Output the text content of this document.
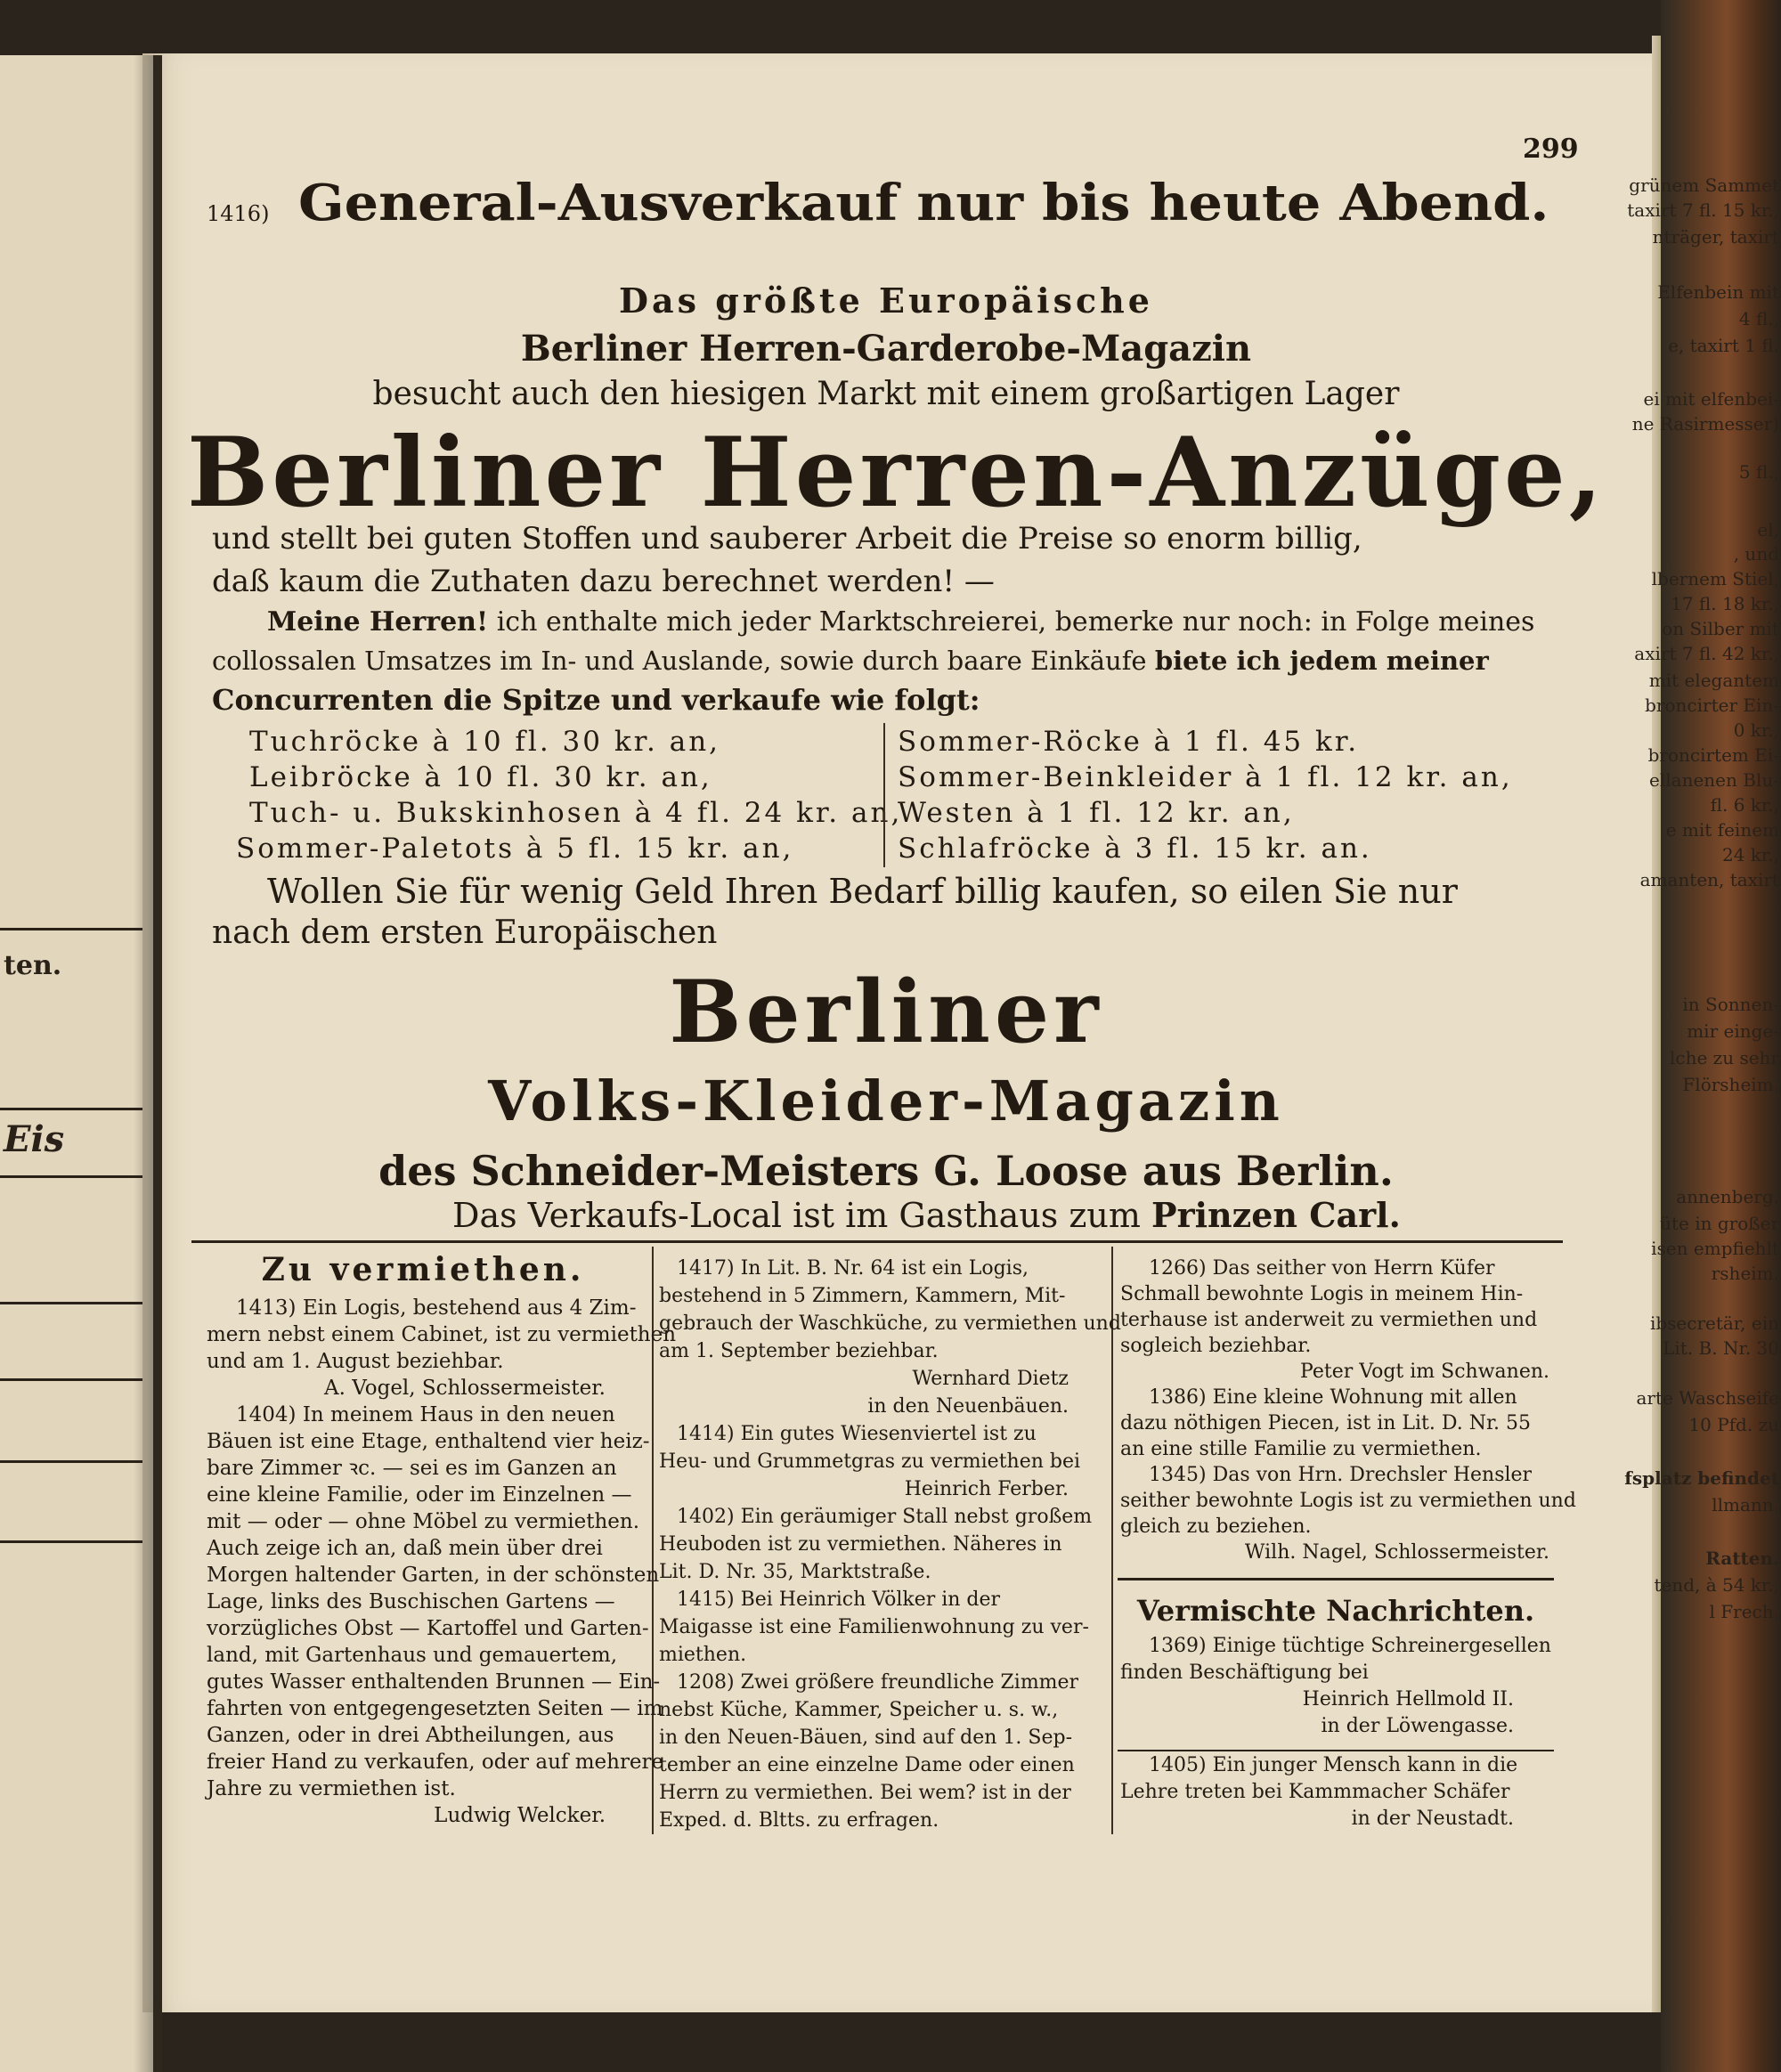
grünem Sammet
taxirt 7 fl. 15 kr.,
nträger, taxirt
Elfenbein mit
4 fl.,
e, taxirt 1 fl.
ei mit elfenbei-
ne Rasirmesser)
5 fl.,
el,
, und
lbernem Stiel,
17 fl. 18 kr.,
on Silber mit
axirt 7 fl. 42 kr.,
mit elegantem
broncirter Ein-
0 kr.,
broncirtem Ei-
ellanenen Blu-
fl. 6 kr.,
e mit feinem
24 kr.,
amanten, taxirt
ten.
in Sonnen-
mir einge-
lche zu sehr
Flörsheim.
Eis
annenberg.
üte in großer
isen empfiehlt
rsheim.
ibsecretär, ein
Lit. B. Nr. 30
arte Waschseife
10 Pfd. zu
fsplatz befindet
llmann.
Ratten.
tend, à 54 kr.,
l Frech.
299
1416) General-Ausverkauf nur bis heute Abend.
Das größte Europäische
Berliner Herren-Garderobe-Magazin
besucht auch den hiesigen Markt mit einem großartigen Lager
Berliner Herren-Anzüge,
und stellt bei guten Stoffen und sauberer Arbeit die Preise so enorm billig,
daß kaum die Zuthaten dazu berechnet werden! —
Meine Herren! ich enthalte mich jeder Marktschreierei, bemerke nur noch: in Folge meines
collossalen Umsatzes im In- und Auslande, sowie durch baare Einkäufe biete ich jedem meiner
Concurrenten die Spitze und verkaufe wie folgt:
Tuchröcke à 10 fl. 30 kr. an,
Leibröcke à 10 fl. 30 kr. an,
Tuch- u. Bukskinhosen à 4 fl. 24 kr. an,
Sommer-Paletots à 5 fl. 15 kr. an,
Sommer-Röcke à 1 fl. 45 kr.
Sommer-Beinkleider à 1 fl. 12 kr. an,
Westen à 1 fl. 12 kr. an,
Schlafröcke à 3 fl. 15 kr. an.
Wollen Sie für wenig Geld Ihren Bedarf billig kaufen, so eilen Sie nur
nach dem ersten Europäischen
Berliner
Volks-Kleider-Magazin
des Schneider-Meisters G. Loose aus Berlin.
Das Verkaufs-Local ist im Gasthaus zum Prinzen Carl.
Zu vermiethen.
1413) Ein Logis, bestehend aus 4 Zim-
mern nebst einem Cabinet, ist zu vermiethen
und am 1. August beziehbar.
A. Vogel, Schlossermeister.
1404) In meinem Haus in den neuen
Bäuen ist eine Etage, enthaltend vier heiz-
bare Zimmer ꝛc. — sei es im Ganzen an
eine kleine Familie, oder im Einzelnen —
mit — oder — ohne Möbel zu vermiethen.
Auch zeige ich an, daß mein über drei
Morgen haltender Garten, in der schönsten
Lage, links des Buschischen Gartens —
vorzügliches Obst — Kartoffel und Garten-
land, mit Gartenhaus und gemauertem,
gutes Wasser enthaltenden Brunnen — Ein-
fahrten von entgegengesetzten Seiten — im
Ganzen, oder in drei Abtheilungen, aus
freier Hand zu verkaufen, oder auf mehrere
Jahre zu vermiethen ist.
Ludwig Welcker.
1417) In Lit. B. Nr. 64 ist ein Logis,
bestehend in 5 Zimmern, Kammern, Mit-
gebrauch der Waschküche, zu vermiethen und
am 1. September beziehbar.
Wernhard Dietz
in den Neuenbäuen.
1414) Ein gutes Wiesenviertel ist zu
Heu- und Grummetgras zu vermiethen bei
Heinrich Ferber.
1402) Ein geräumiger Stall nebst großem
Heuboden ist zu vermiethen. Näheres in
Lit. D. Nr. 35, Marktstraße.
1415) Bei Heinrich Völker in der
Maigasse ist eine Familienwohnung zu ver-
miethen.
1208) Zwei größere freundliche Zimmer
nebst Küche, Kammer, Speicher u. s. w.,
in den Neuen-Bäuen, sind auf den 1. Sep-
tember an eine einzelne Dame oder einen
Herrn zu vermiethen. Bei wem? ist in der
Exped. d. Bltts. zu erfragen.
1266) Das seither von Herrn Küfer
Schmall bewohnte Logis in meinem Hin-
terhause ist anderweit zu vermiethen und
sogleich beziehbar.
Peter Vogt im Schwanen.
1386) Eine kleine Wohnung mit allen
dazu nöthigen Piecen, ist in Lit. D. Nr. 55
an eine stille Familie zu vermiethen.
1345) Das von Hrn. Drechsler Hensler
seither bewohnte Logis ist zu vermiethen und
gleich zu beziehen.
Wilh. Nagel, Schlossermeister.
Vermischte Nachrichten.
1369) Einige tüchtige Schreinergesellen
finden Beschäftigung bei
Heinrich Hellmold II.
in der Löwengasse.
1405) Ein junger Mensch kann in die
Lehre treten bei Kammmacher Schäfer
in der Neustadt.
